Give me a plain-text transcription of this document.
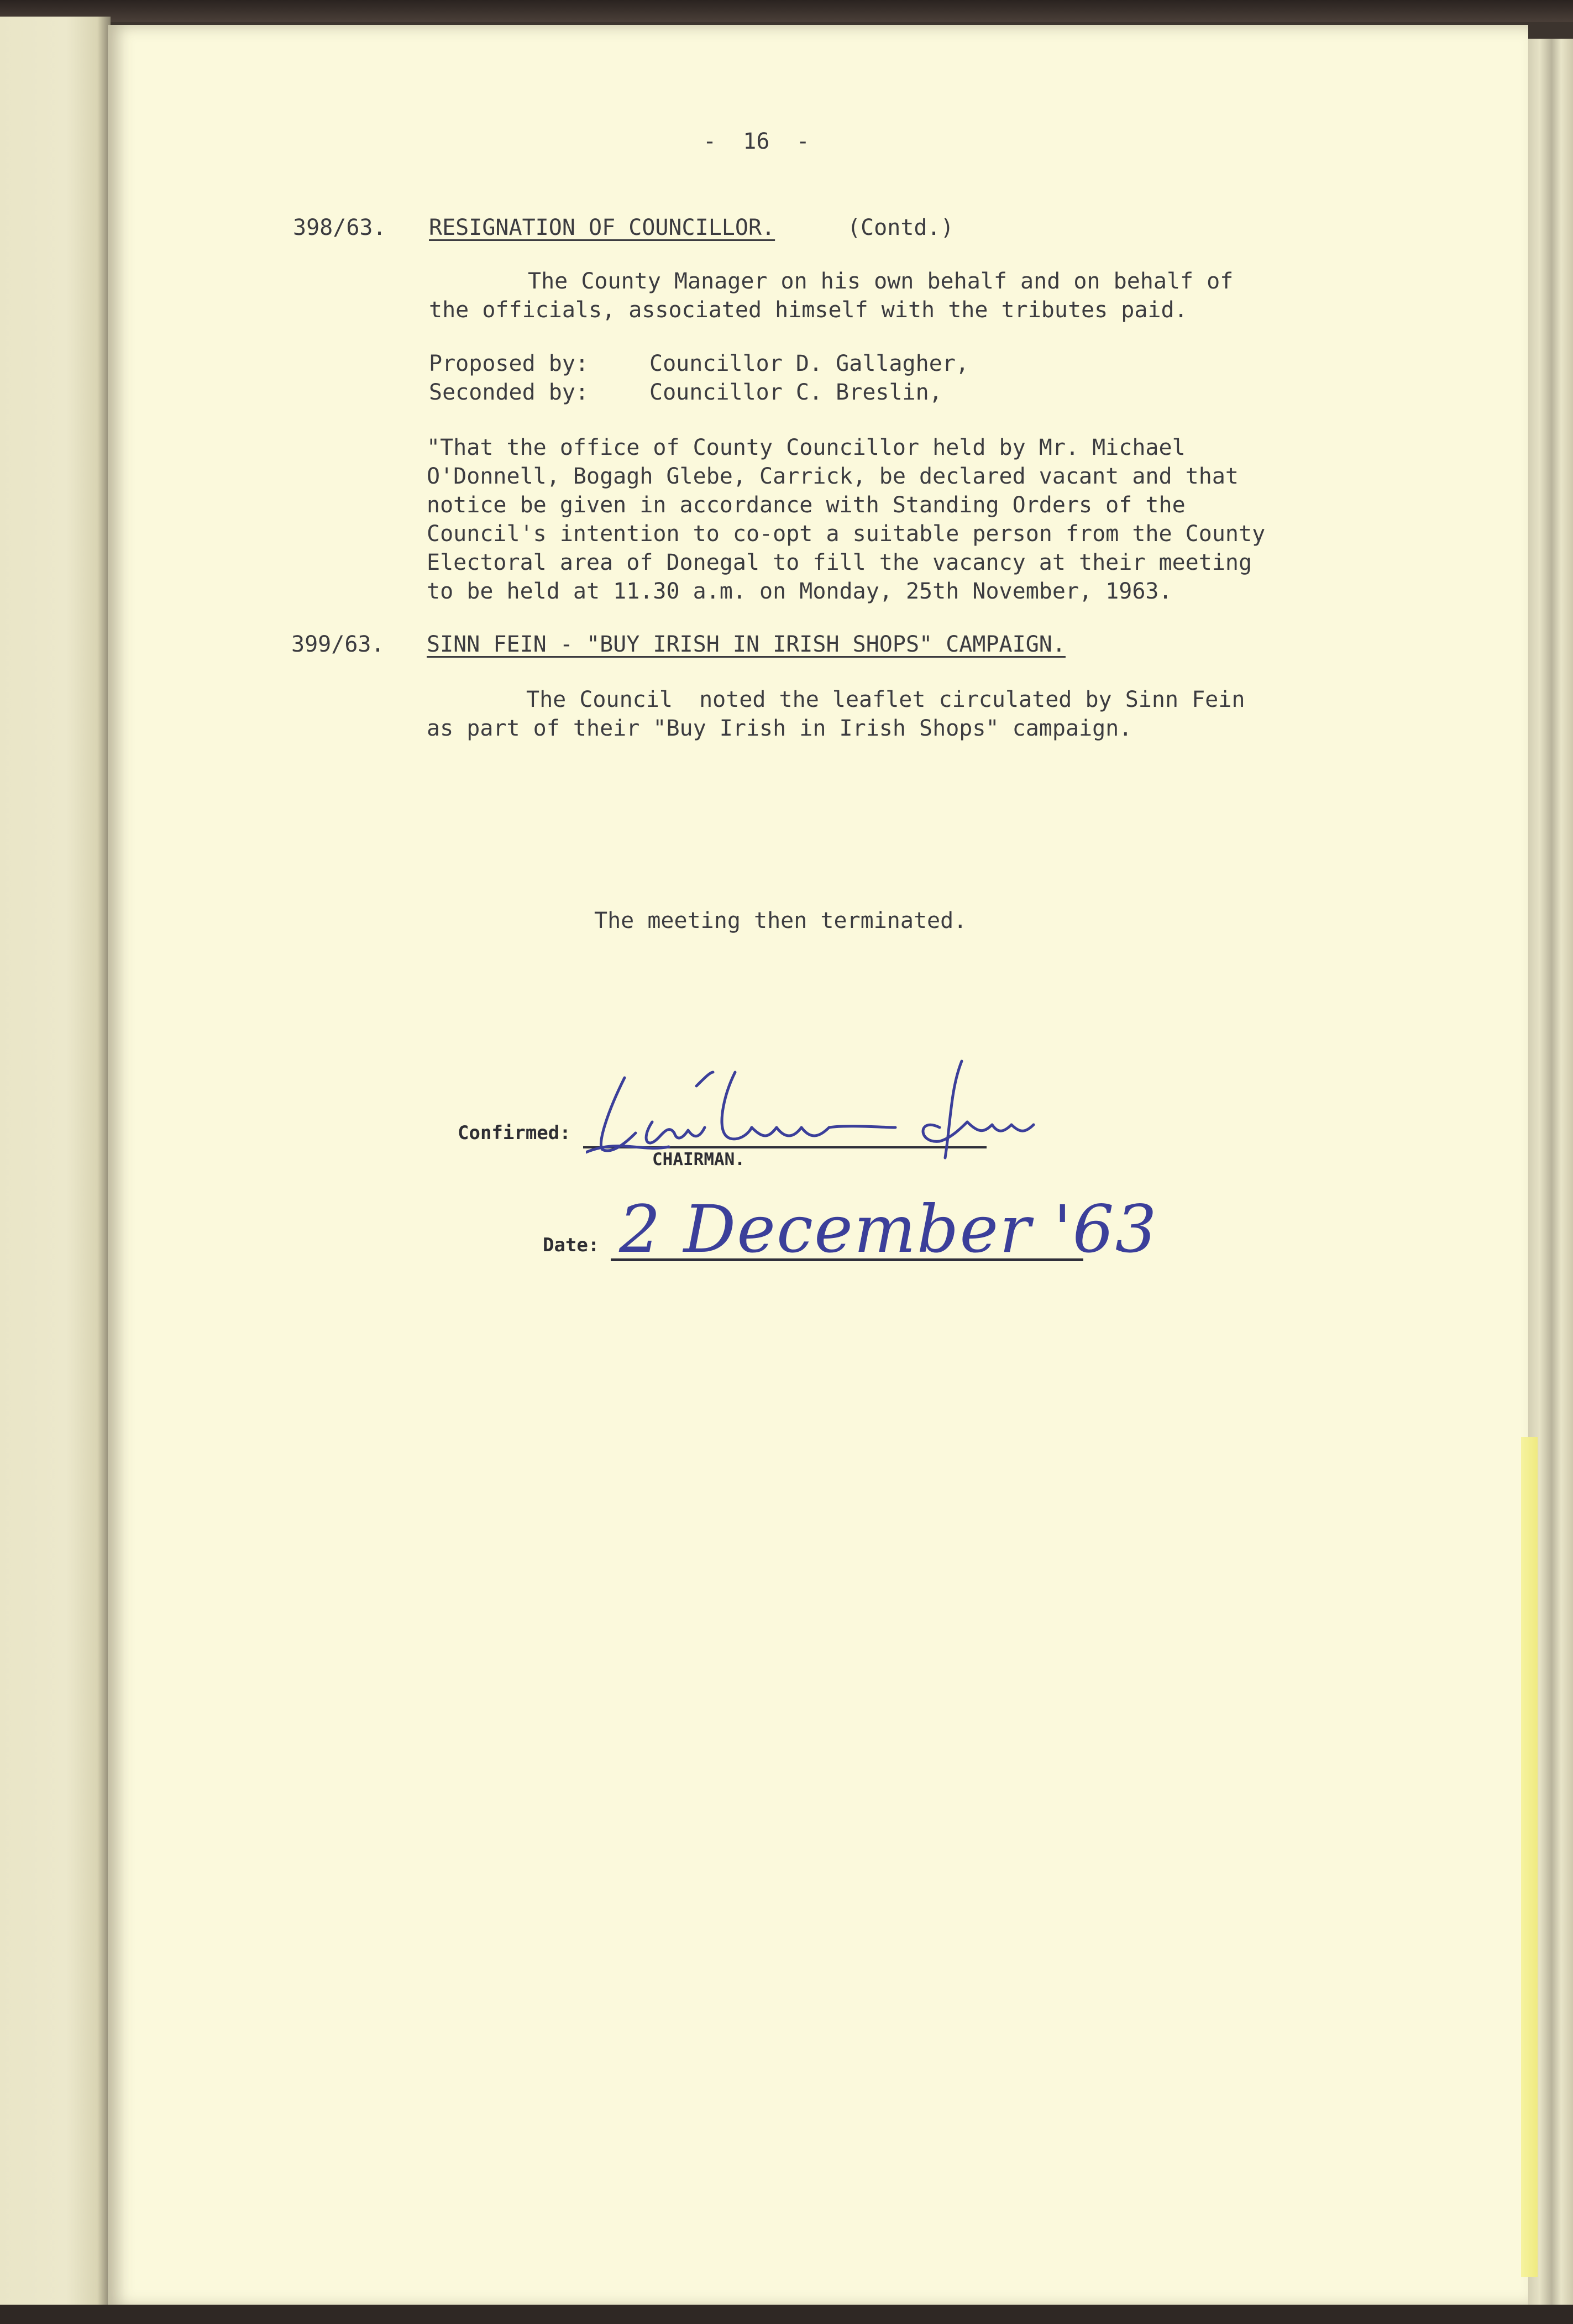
-  16  -
398/63. RESIGNATION OF COUNCILLOR.	(Contd.)
The County Manager on his own behalf and on behalf of
the officials, associated himself with the tributes paid.
Proposed by:	Councillor D. Gallagher,
Seconded by:	Councillor C. Breslin,
"That the office of County Councillor held by Mr. Michael
O'Donnell, Bogagh Glebe, Carrick, be declared vacant and that
notice be given in accordance with Standing Orders of the
Council's intention to co-opt a suitable person from the County
Electoral area of Donegal to fill the vacancy at their meeting
to be held at 11.30 a.m. on Monday, 25th November, 1963.
399/63. SINN FEIN - "BUY IRISH IN IRISH SHOPS" CAMPAIGN.
The Council  noted the leaflet circulated by Sinn Fein
as part of their "Buy Irish in Irish Shops" campaign.
The meeting then terminated.
Confirmed:
CHAIRMAN.
Date: 2 December '63
